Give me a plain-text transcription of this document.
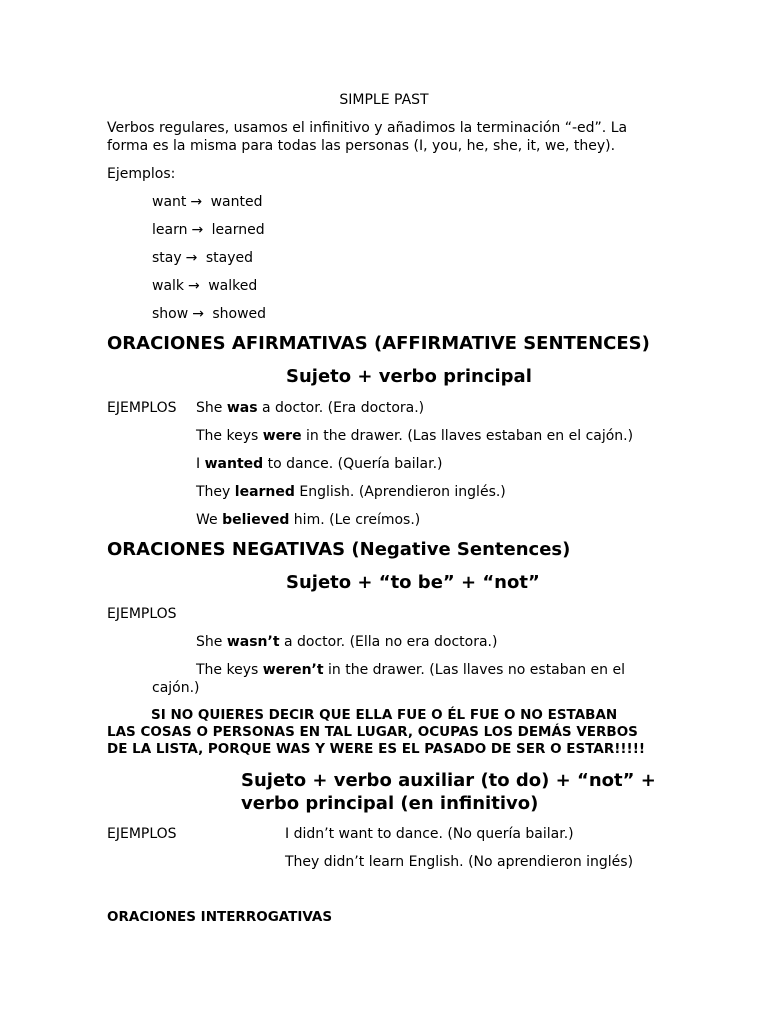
SIMPLE PAST
Verbos regulares, usamos el infinitivo y añadimos la terminación “-ed”. La forma es la misma para todas las personas (I, you, he, she, it, we, they).
Ejemplos:
want → wanted
learn → learned
stay → stayed
walk → walked
show → showed
ORACIONES AFIRMATIVAS (AFFIRMATIVE SENTENCES)
Sujeto + verbo principal
EJEMPLOS She was a doctor. (Era doctora.)
The keys were in the drawer. (Las llaves estaban en el cajón.)
I wanted to dance. (Quería bailar.)
They learned English. (Aprendieron inglés.)
We believed him. (Le creímos.)
ORACIONES NEGATIVAS (Negative Sentences)
Sujeto + “to be” + “not”
EJEMPLOS
She wasn’t a doctor. (Ella no era doctora.)
The keys weren’t in the drawer. (Las llaves no estaban en el
cajón.)
SI NO QUIERES DECIR QUE ELLA FUE O ÉL FUE O NO ESTABAN
LAS COSAS O PERSONAS EN TAL LUGAR, OCUPAS LOS DEMÁS VERBOS
DE LA LISTA, PORQUE WAS Y WERE ES EL PASADO DE SER O ESTAR!!!!!
Sujeto + verbo auxiliar (to do) + “not” +
verbo principal (en infinitivo)
EJEMPLOS	I didn’t want to dance. (No quería bailar.)
They didn’t learn English. (No aprendieron inglés)
ORACIONES INTERROGATIVAS
